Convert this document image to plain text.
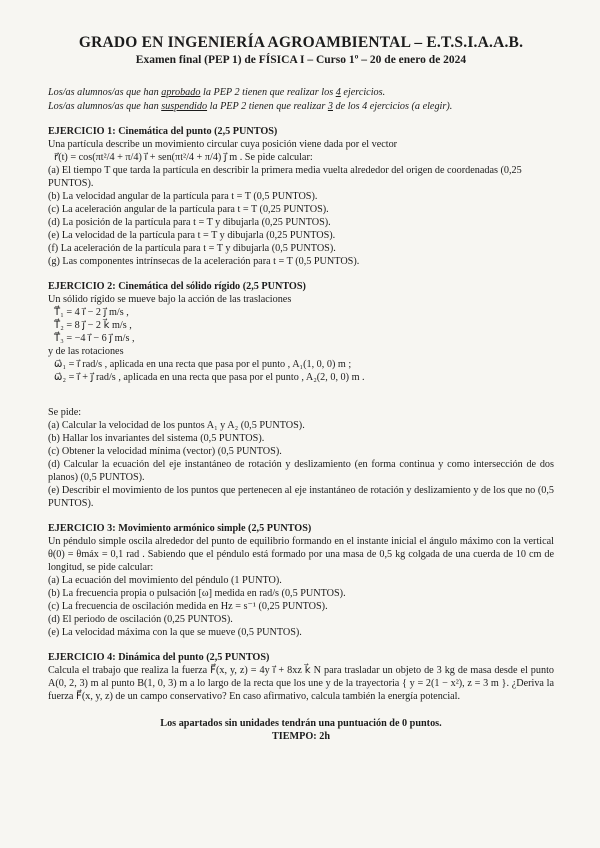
GRADO EN INGENIERÍA AGROAMBIENTAL – E.T.S.I.A.A.B.

Examen final (PEP 1) de FÍSICA I – Curso 1º – 20 de enero de 2024

Los/as alumnos/as que han aprobado la PEP 2 tienen que realizar los 4 ejercicios.
Los/as alumnos/as que han suspendido la PEP 2 tienen que realizar 3 de los 4 ejercicios (a elegir).
EJERCICIO 1: Cinemática del punto (2,5 PUNTOS)

Una partícula describe un movimiento circular cuya posición viene dada por el vector

r⃗(t) = cos(πt²/4 + π/4) i⃗ + sen(πt²/4 + π/4) j⃗ m . Se pide calcular:

(a) El tiempo T que tarda la partícula en describir la primera media vuelta alrededor del origen de coordenadas (0,25 PUNTOS).

(b) La velocidad angular de la partícula para t = T (0,5 PUNTOS).

(c) La aceleración angular de la partícula para t = T (0,25 PUNTOS).

(d) La posición de la partícula para t = T y dibujarla (0,25 PUNTOS).

(e) La velocidad de la partícula para t = T y dibujarla (0,25 PUNTOS).

(f) La aceleración de la partícula para t = T y dibujarla (0,5 PUNTOS).

(g) Las componentes intrínsecas de la aceleración para t = T (0,5 PUNTOS).

EJERCICIO 2: Cinemática del sólido rígido (2,5 PUNTOS)

Un sólido rígido se mueve bajo la acción de las traslaciones

T⃗₁ = 4 i⃗ − 2 j⃗ m/s ,

T⃗₂ = 8 j⃗ − 2 k⃗ m/s ,

T⃗₃ = −4 i⃗ − 6 j⃗ m/s ,

y de las rotaciones

ω⃗₁ = i⃗ rad/s , aplicada en una recta que pasa por el punto , A₁(1, 0, 0) m ;

ω⃗₂ = i⃗ + j⃗ rad/s , aplicada en una recta que pasa por el punto , A₂(2, 0, 0) m .

Se pide:

(a) Calcular la velocidad de los puntos A₁ y A₂ (0,5 PUNTOS).

(b) Hallar los invariantes del sistema (0,5 PUNTOS).

(c) Obtener la velocidad mínima (vector) (0,5 PUNTOS).

(d) Calcular la ecuación del eje instantáneo de rotación y deslizamiento (en forma continua y como intersección de dos planos) (0,5 PUNTOS).

(e) Describir el movimiento de los puntos que pertenecen al eje instantáneo de rotación y deslizamiento y de los que no (0,5 PUNTOS).

EJERCICIO 3: Movimiento armónico simple (2,5 PUNTOS)

Un péndulo simple oscila alrededor del punto de equilibrio formando en el instante inicial el ángulo máximo con la vertical θ(0) = θmáx = 0,1 rad . Sabiendo que el péndulo está formado por una masa de 0,5 kg colgada de una cuerda de 10 cm de longitud, se pide calcular:

(a) La ecuación del movimiento del péndulo (1 PUNTO).

(b) La frecuencia propia o pulsación [ω] medida en rad/s (0,5 PUNTOS).

(c) La frecuencia de oscilación medida en Hz = s⁻¹ (0,25 PUNTOS).

(d) El periodo de oscilación (0,25 PUNTOS).

(e) La velocidad máxima con la que se mueve (0,5 PUNTOS).

EJERCICIO 4: Dinámica del punto (2,5 PUNTOS)

Calcula el trabajo que realiza la fuerza F⃗(x, y, z) = 4y i⃗ + 8xz k⃗ N para trasladar un objeto de 3 kg de masa desde el punto A(0, 2, 3) m al punto B(1, 0, 3) m a lo largo de la recta que los une y de la trayectoria { y = 2(1 − x²), z = 3 m }. ¿Deriva la fuerza F⃗(x, y, z) de un campo conservativo? En caso afirmativo, calcula también la energía potencial.

Los apartados sin unidades tendrán una puntuación de 0 puntos.
TIEMPO: 2h
